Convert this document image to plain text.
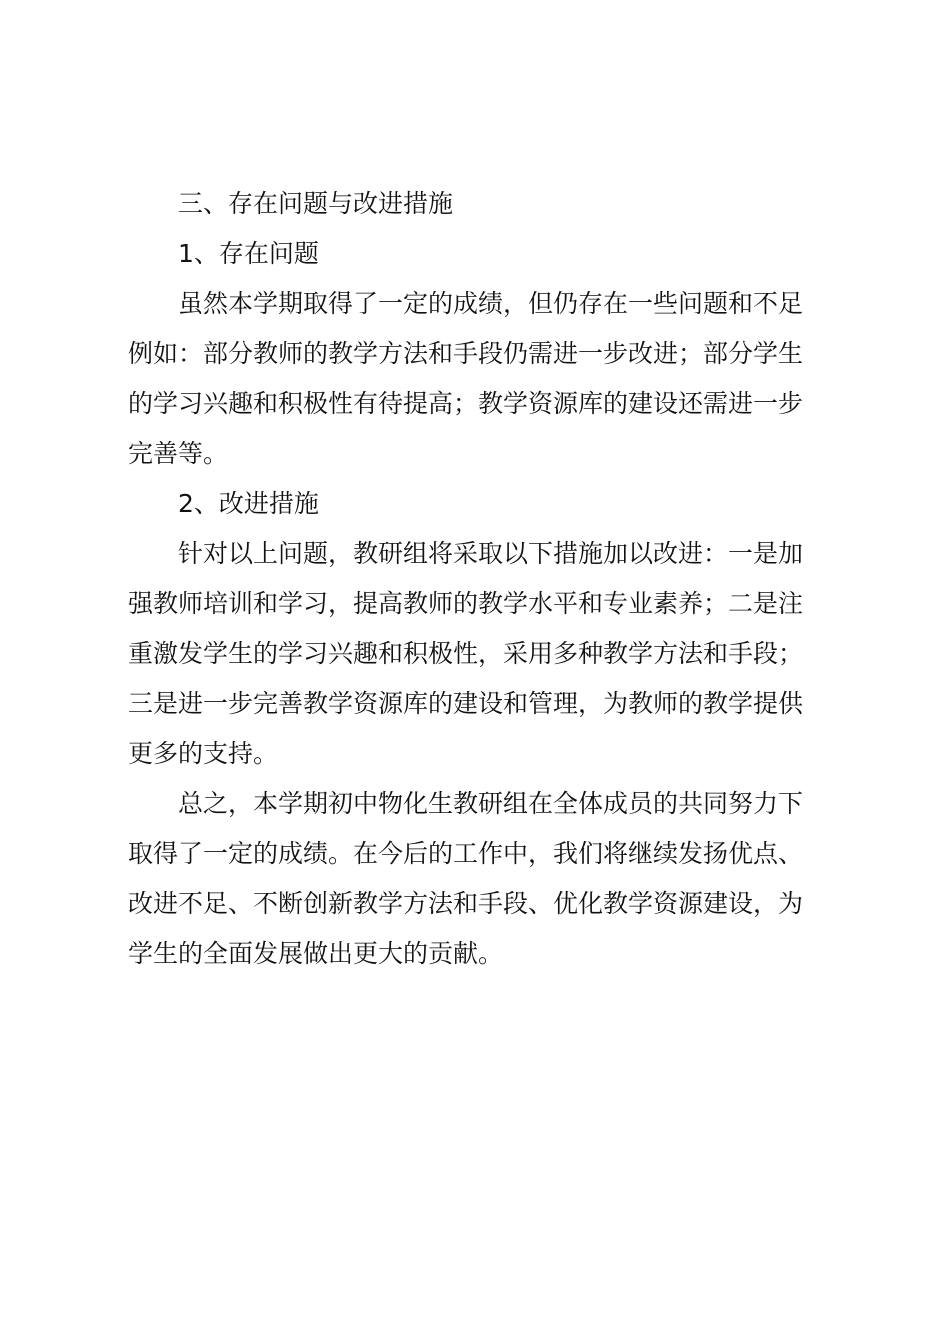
三、存在问题与改进措施
1、存在问题
虽然本学期取得了一定的成绩，但仍存在一些问题和不足
例如：部分教师的教学方法和手段仍需进一步改进；部分学生
的学习兴趣和积极性有待提高；教学资源库的建设还需进一步
完善等。
2、改进措施
针对以上问题，教研组将采取以下措施加以改进：一是加
强教师培训和学习，提高教师的教学水平和专业素养；二是注
重激发学生的学习兴趣和积极性，采用多种教学方法和手段；
三是进一步完善教学资源库的建设和管理，为教师的教学提供
更多的支持。
总之，本学期初中物化生教研组在全体成员的共同努力下
取得了一定的成绩。在今后的工作中，我们将继续发扬优点、
改进不足、不断创新教学方法和手段、优化教学资源建设，为
学生的全面发展做出更大的贡献。
